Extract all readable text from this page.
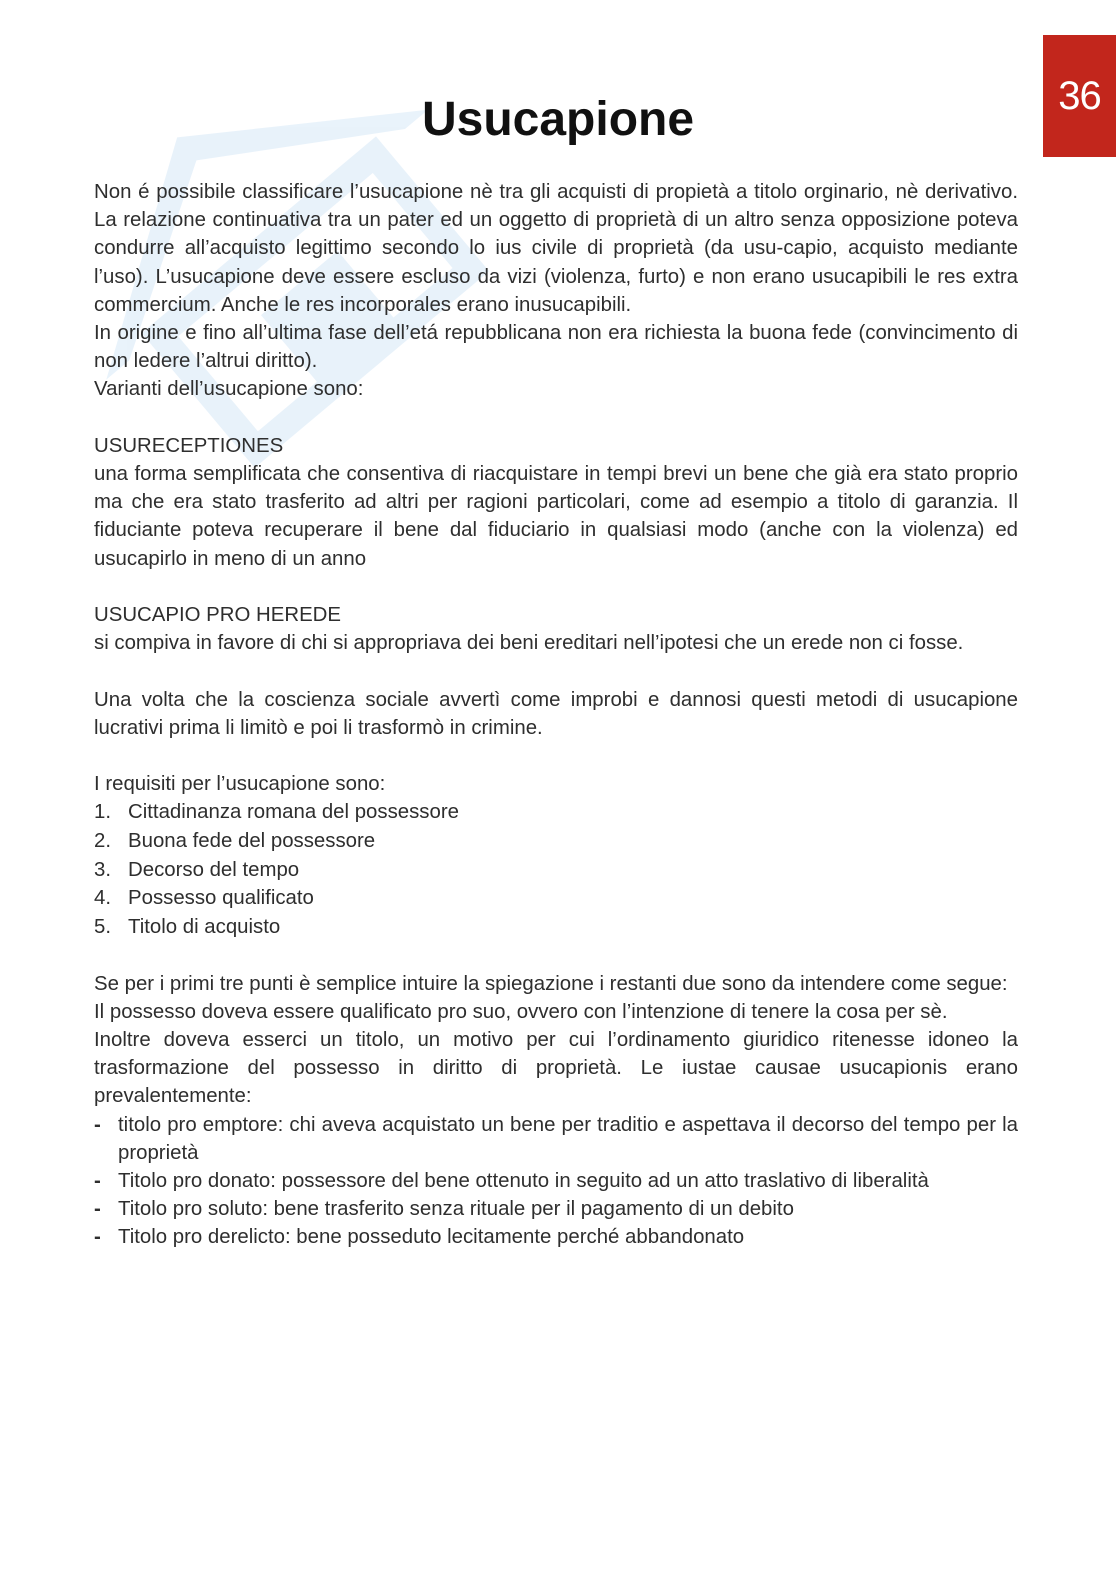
36
Usucapione

Non é possibile classificare l’usucapione nè tra gli acquisti di propietà a titolo orginario, nè derivativo. La relazione continuativa tra un pater ed un oggetto di proprietà di un altro senza opposizione poteva condurre all’acquisto legittimo secondo lo ius civile di proprietà (da usu-capio, acquisto mediante l’uso). L’usucapione deve essere escluso da vizi (violenza, furto) e non erano usucapibili le res extra commercium. Anche le res incorporales erano inusucapibili.

In origine e fino all’ultima fase dell’etá repubblicana non era richiesta la buona fede (convincimento di non ledere l’altrui diritto).

Varianti dell’usucapione sono:

USURECEPTIONES

una forma semplificata che consentiva di riacquistare in tempi brevi un bene che già era stato proprio ma che era stato trasferito ad altri per ragioni particolari, come ad esempio a titolo di garanzia. Il fiduciante poteva recuperare il bene dal fiduciario in qualsiasi modo (anche con la violenza) ed usucapirlo in meno di un anno

USUCAPIO PRO HEREDE

si compiva in favore di chi si appropriava dei beni ereditari nell’ipotesi che un erede non ci fosse.

Una volta che la coscienza sociale avvertì come improbi e dannosi questi metodi di usucapione lucrativi prima li limitò e poi li trasformò in crimine.

I requisiti per l’usucapione sono:

1. Cittadinanza romana del possessore
2. Buona fede del possessore
3. Decorso del tempo
4. Possesso qualificato
5. Titolo di acquisto

Se per i primi tre punti è semplice intuire la spiegazione i restanti due sono da intendere come segue:

Il possesso doveva essere qualificato pro suo, ovvero con l’intenzione di tenere la cosa per sè.

Inoltre doveva esserci un titolo, un motivo per cui l’ordinamento giuridico ritenesse idoneo la trasformazione del possesso in diritto di proprietà. Le iustae causae usucapionis erano prevalentemente:

- titolo pro emptore: chi aveva acquistato un bene per traditio e aspettava il decorso del tempo per la proprietà
- Titolo pro donato: possessore del bene ottenuto in seguito ad un atto traslativo di liberalità
- Titolo pro soluto: bene trasferito senza rituale per il pagamento di un debito
- Titolo pro derelicto: bene posseduto lecitamente perché abbandonato
